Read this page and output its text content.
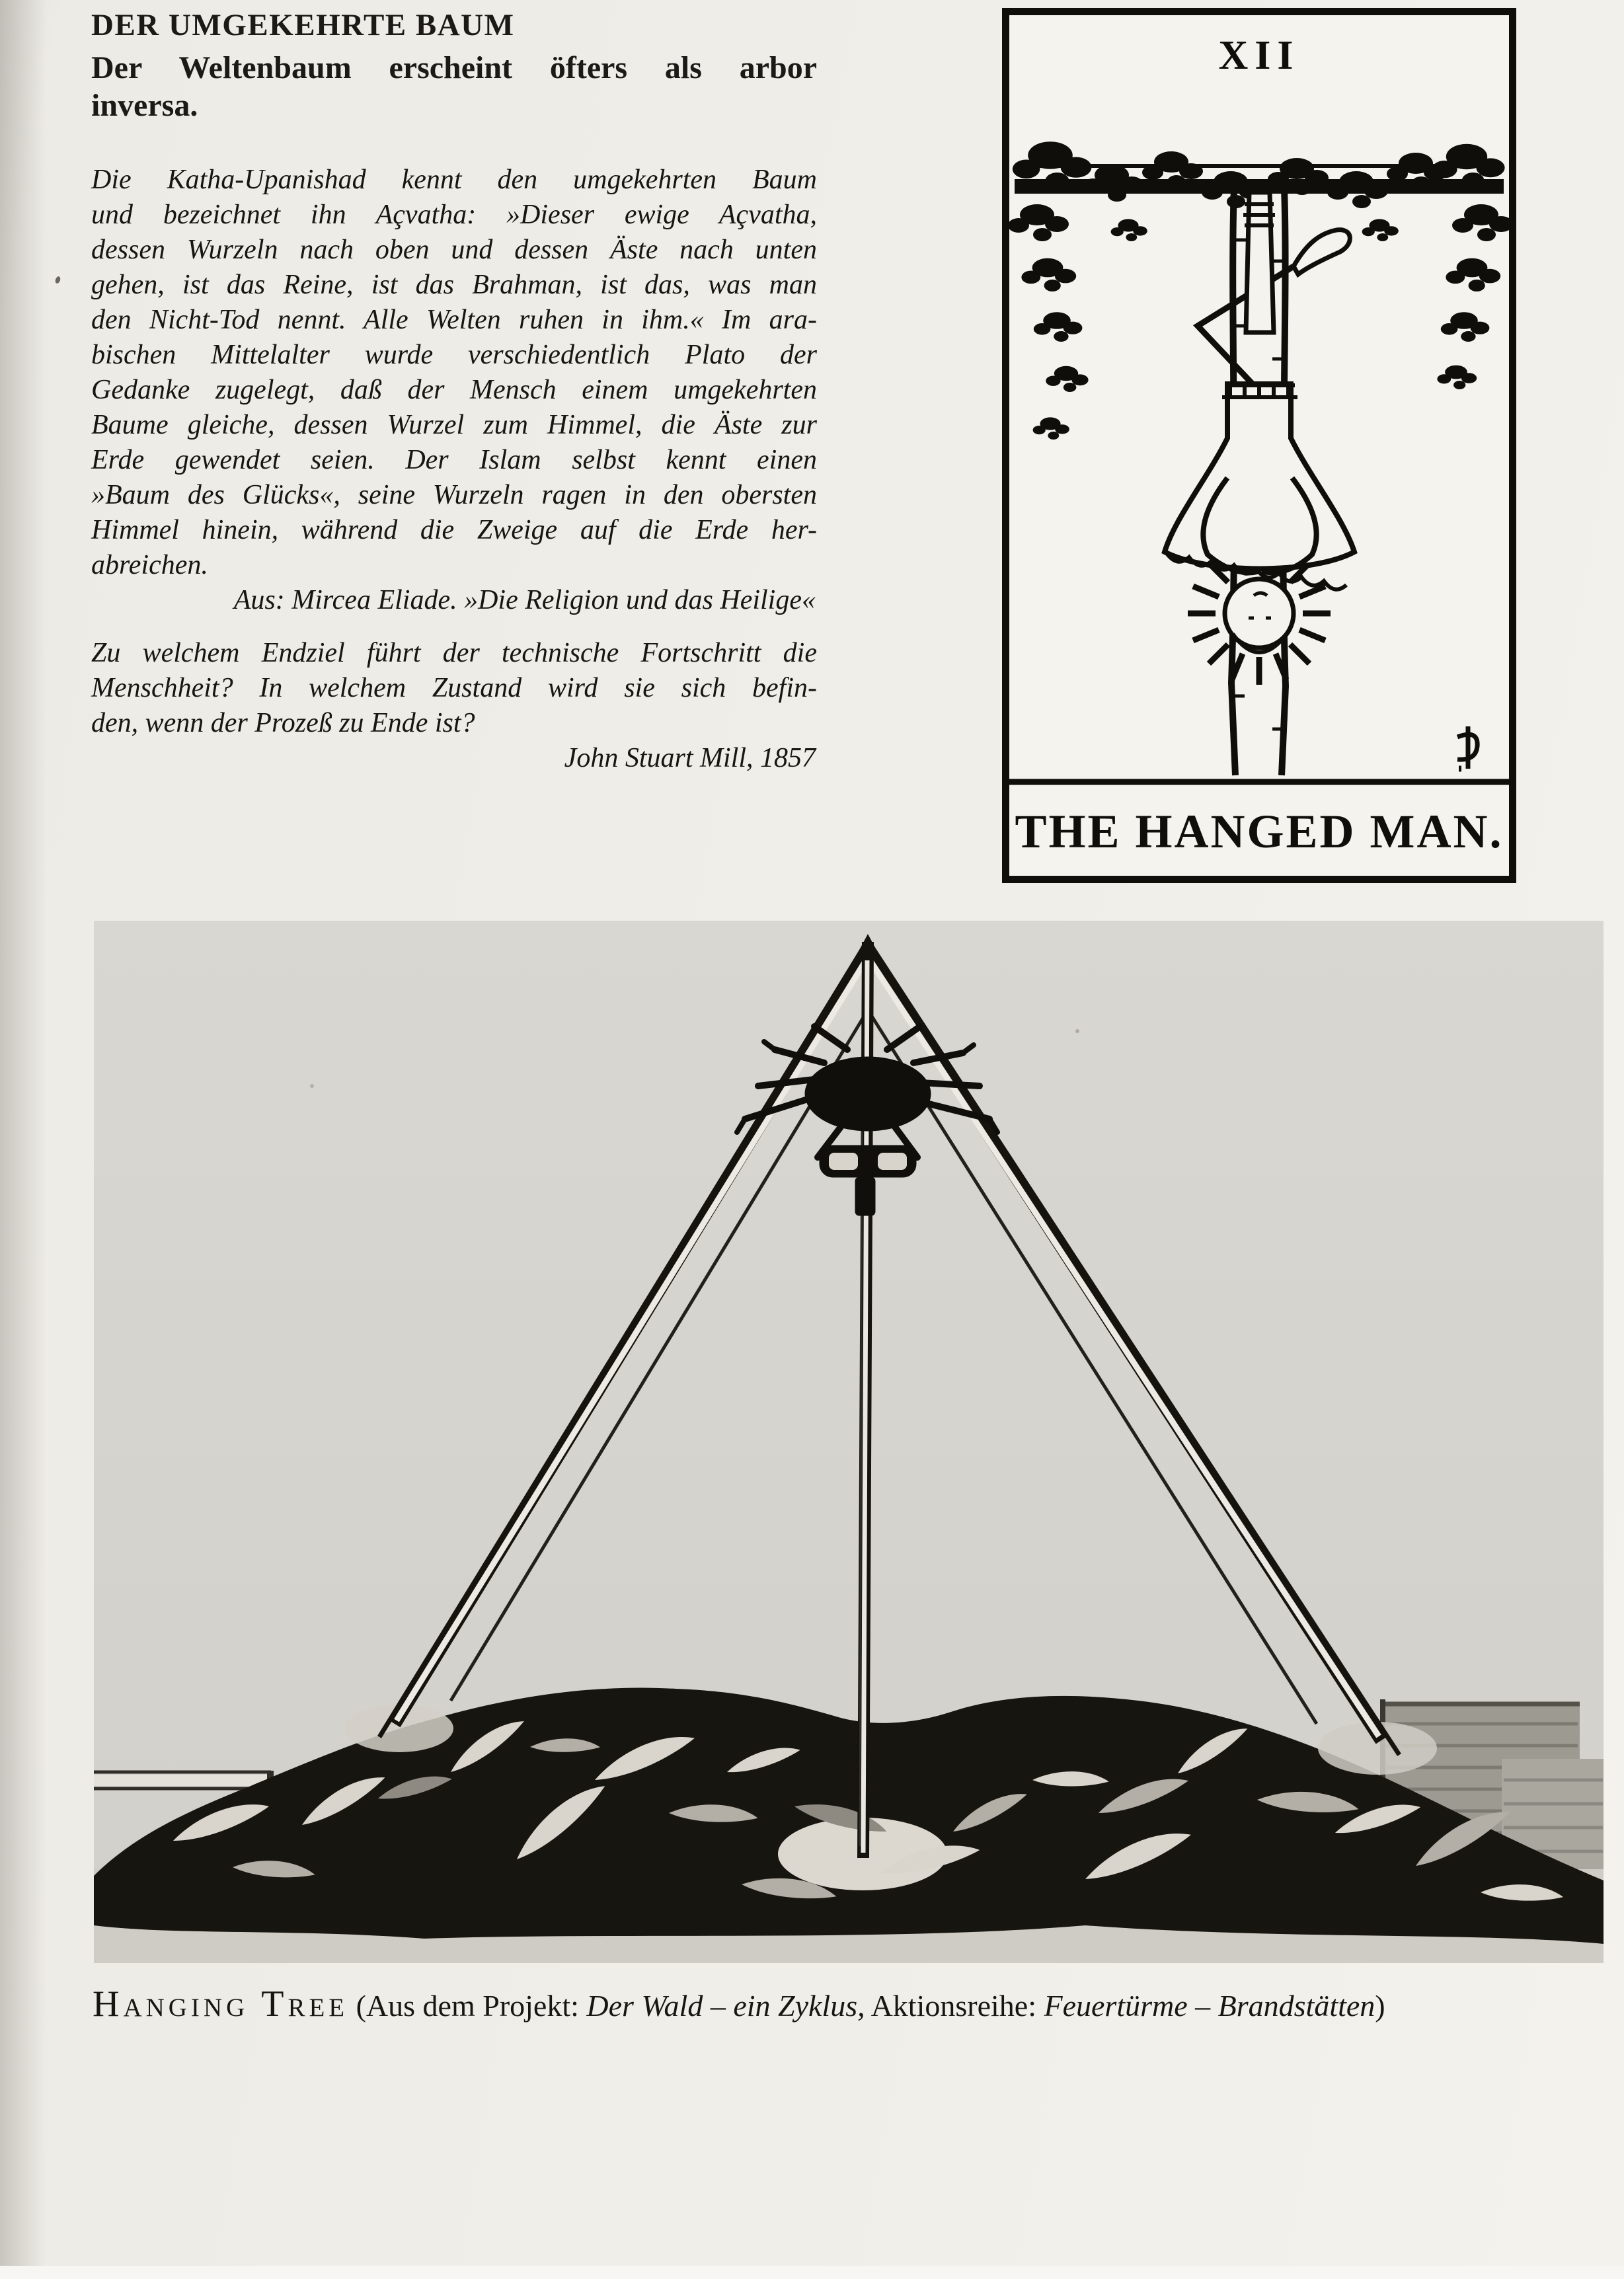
DER UMGEKEHRTE BAUM
Der Weltenbaum erscheint öfters als arbor
inversa.
Die Katha-Upanishad kennt den umgekehrten Baum
und bezeichnet ihn Açvatha: »Dieser ewige Açvatha,
dessen Wurzeln nach oben und dessen Äste nach unten
gehen, ist das Reine, ist das Brahman, ist das, was man
den Nicht-Tod nennt. Alle Welten ruhen in ihm.« Im ara-
bischen Mittelalter wurde verschiedentlich Plato der
Gedanke zugelegt, daß der Mensch einem umgekehrten
Baume gleiche, dessen Wurzel zum Himmel, die Äste zur
Erde gewendet seien. Der Islam selbst kennt einen
»Baum des Glücks«, seine Wurzeln ragen in den obersten
Himmel hinein, während die Zweige auf die Erde her-
abreichen.
Aus: Mircea Eliade. »Die Religion und das Heilige«
Zu welchem Endziel führt der technische Fortschritt die
Menschheit? In welchem Zustand wird sie sich befin-
den, wenn der Prozeß zu Ende ist?
John Stuart Mill, 1857
XII
THE HANGED MAN.
Hanging Tree (Aus dem Projekt: Der Wald – ein Zyklus, Aktionsreihe: Feuertürme – Brandstätten)
